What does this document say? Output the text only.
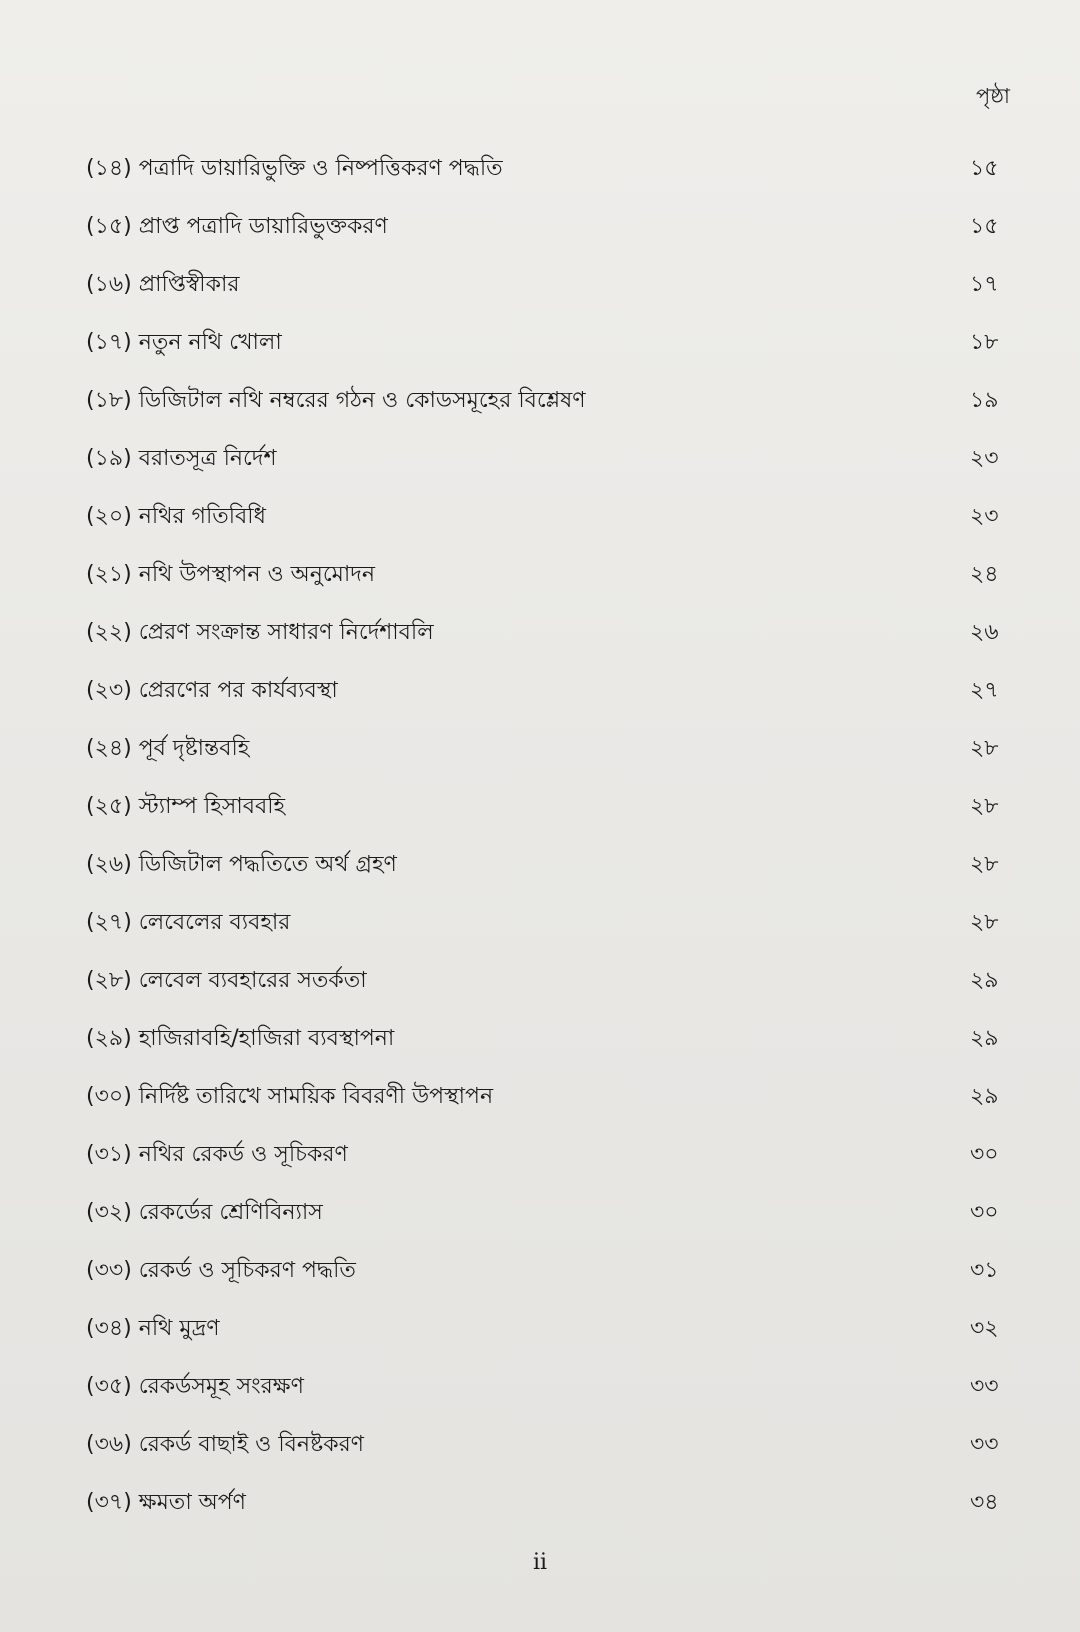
পৃষ্ঠা
(১৪) পত্রাদি ডায়ারিভুক্তি ও নিষ্পত্তিকরণ পদ্ধতি	১৫
(১৫) প্রাপ্ত পত্রাদি ডায়ারিভুক্তকরণ	১৫
(১৬) প্রাপ্তিস্বীকার	১৭
(১৭) নতুন নথি খোলা	১৮
(১৮) ডিজিটাল নথি নম্বরের গঠন ও কোডসমূহের বিশ্লেষণ	১৯
(১৯) বরাতসূত্র নির্দেশ	২৩
(২০) নথির গতিবিধি	২৩
(২১) নথি উপস্থাপন ও অনুমোদন	২৪
(২২) প্রেরণ সংক্রান্ত সাধারণ নির্দেশাবলি	২৬
(২৩) প্রেরণের পর কার্যব্যবস্থা	২৭
(২৪) পূর্ব দৃষ্টান্তবহি	২৮
(২৫) স্ট্যাম্প হিসাববহি	২৮
(২৬) ডিজিটাল পদ্ধতিতে অর্থ গ্রহণ	২৮
(২৭) লেবেলের ব্যবহার	২৮
(২৮) লেবেল ব্যবহারের সতর্কতা	২৯
(২৯) হাজিরাবহি/হাজিরা ব্যবস্থাপনা	২৯
(৩০) নির্দিষ্ট তারিখে সাময়িক বিবরণী উপস্থাপন	২৯
(৩১) নথির রেকর্ড ও সূচিকরণ	৩০
(৩২) রেকর্ডের শ্রেণিবিন্যাস	৩০
(৩৩) রেকর্ড ও সূচিকরণ পদ্ধতি	৩১
(৩৪) নথি মুদ্রণ	৩২
(৩৫) রেকর্ডসমূহ সংরক্ষণ	৩৩
(৩৬) রেকর্ড বাছাই ও বিনষ্টকরণ	৩৩
(৩৭) ক্ষমতা অর্পণ	৩৪
ii
